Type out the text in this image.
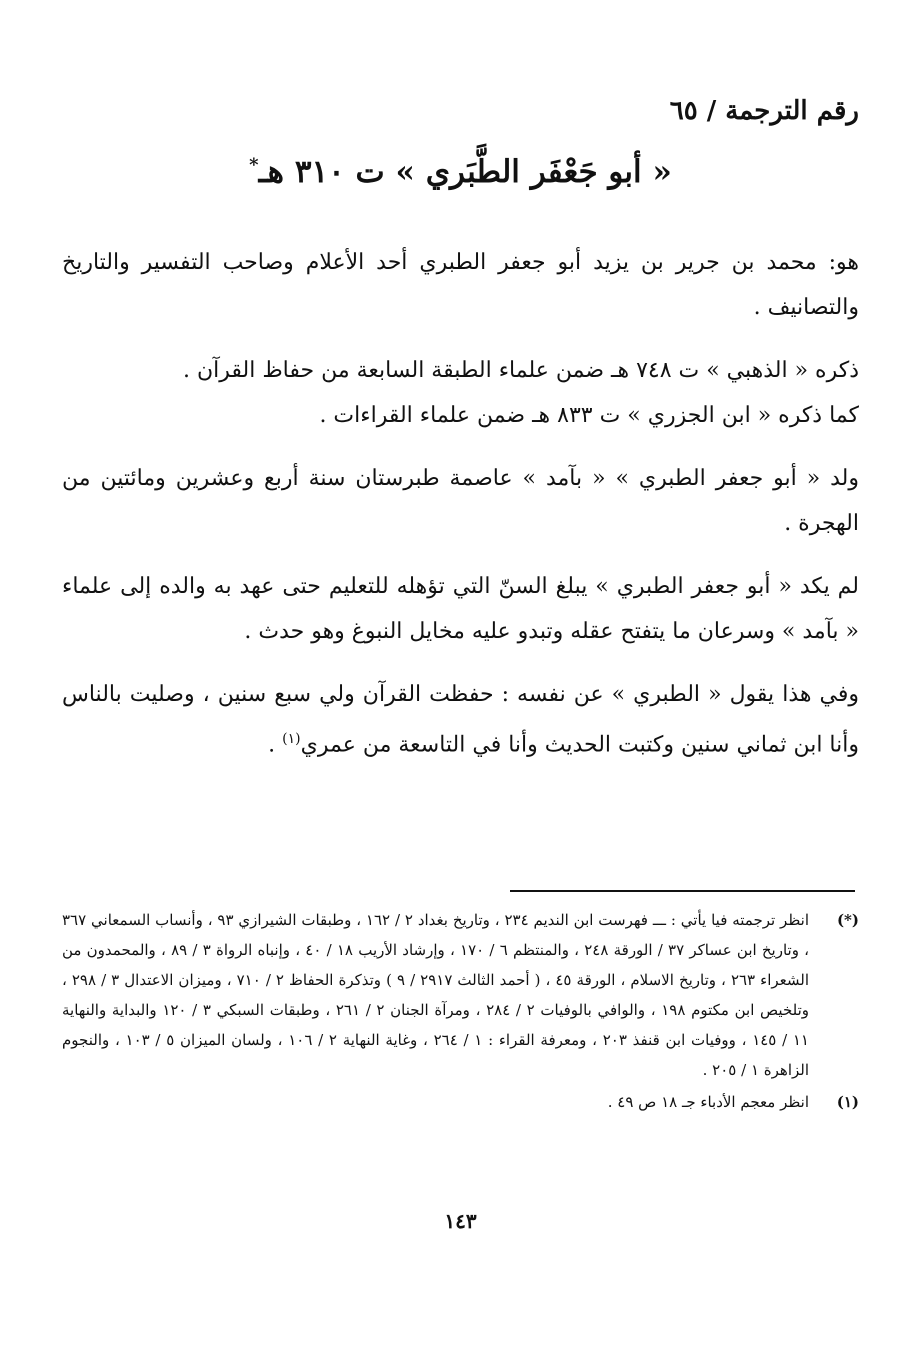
رقم الترجمة / ٦٥
« أبو جَعْفَر الطَّبَري » ت ٣١٠ هـ*

هو: محمد بن جرير بن يزيد أبو جعفر الطبري أحد الأعلام وصاحب التفسير والتاريخ والتصانيف .

ذكره « الذهبي » ت ٧٤٨ هـ ضمن علماء الطبقة السابعة من حفاظ القرآن .

كما ذكره « ابن الجزري » ت ٨٣٣ هـ ضمن علماء القراءات .

ولد « أبو جعفر الطبري » « بآمد » عاصمة طبرستان سنة أربع وعشرين ومائتين من الهجرة .

لم يكد « أبو جعفر الطبري » يبلغ السنّ التي تؤهله للتعليم حتى عهد به والده إلى علماء « بآمد » وسرعان ما يتفتح عقله وتبدو عليه مخايل النبوغ وهو حدث .

وفي هذا يقول « الطبري » عن نفسه : حفظت القرآن ولي سبع سنين ، وصليت بالناس وأنا ابن ثماني سنين وكتبت الحديث وأنا في التاسعة من عمري$^{(١)}$ .

(*)
انظر ترجمته فيا يأتي : ـــ فهرست ابن النديم ٢٣٤ ، وتاريخ بغداد ٢ / ١٦٢ ، وطبقات الشيرازي ٩٣ ، وأنساب السمعاني ٣٦٧ ، وتاريخ ابن عساكر ٣٧ / الورقة ٢٤٨ ، والمنتظم ٦ / ١٧٠ ، وإرشاد الأريب ١٨ / ٤٠ ، وإنباه الرواة ٣ / ٨٩ ، والمحمدون من الشعراء ٢٦٣ ، وتاريخ الاسلام ، الورقة ٤٥ ، ( أحمد الثالث ٢٩١٧ / ٩ ) وتذكرة الحفاظ ٢ / ٧١٠ ، وميزان الاعتدال ٣ / ٢٩٨ ، وتلخيص ابن مكتوم ١٩٨ ، والوافي بالوفيات ٢ / ٢٨٤ ، ومرآة الجنان ٢ / ٢٦١ ، وطبقات السبكي ٣ / ١٢٠ والبداية والنهاية ١١ / ١٤٥ ، ووفيات ابن قنفذ ٢٠٣ ، ومعرفة القراء : ١ / ٢٦٤ ، وغاية النهاية ٢ / ١٠٦ ، ولسان الميزان ٥ / ١٠٣ ، والنجوم الزاهرة ١ / ٢٠٥ .
(١)
انظر معجم الأدباء جـ ١٨ ص ٤٩ .
١٤٣
